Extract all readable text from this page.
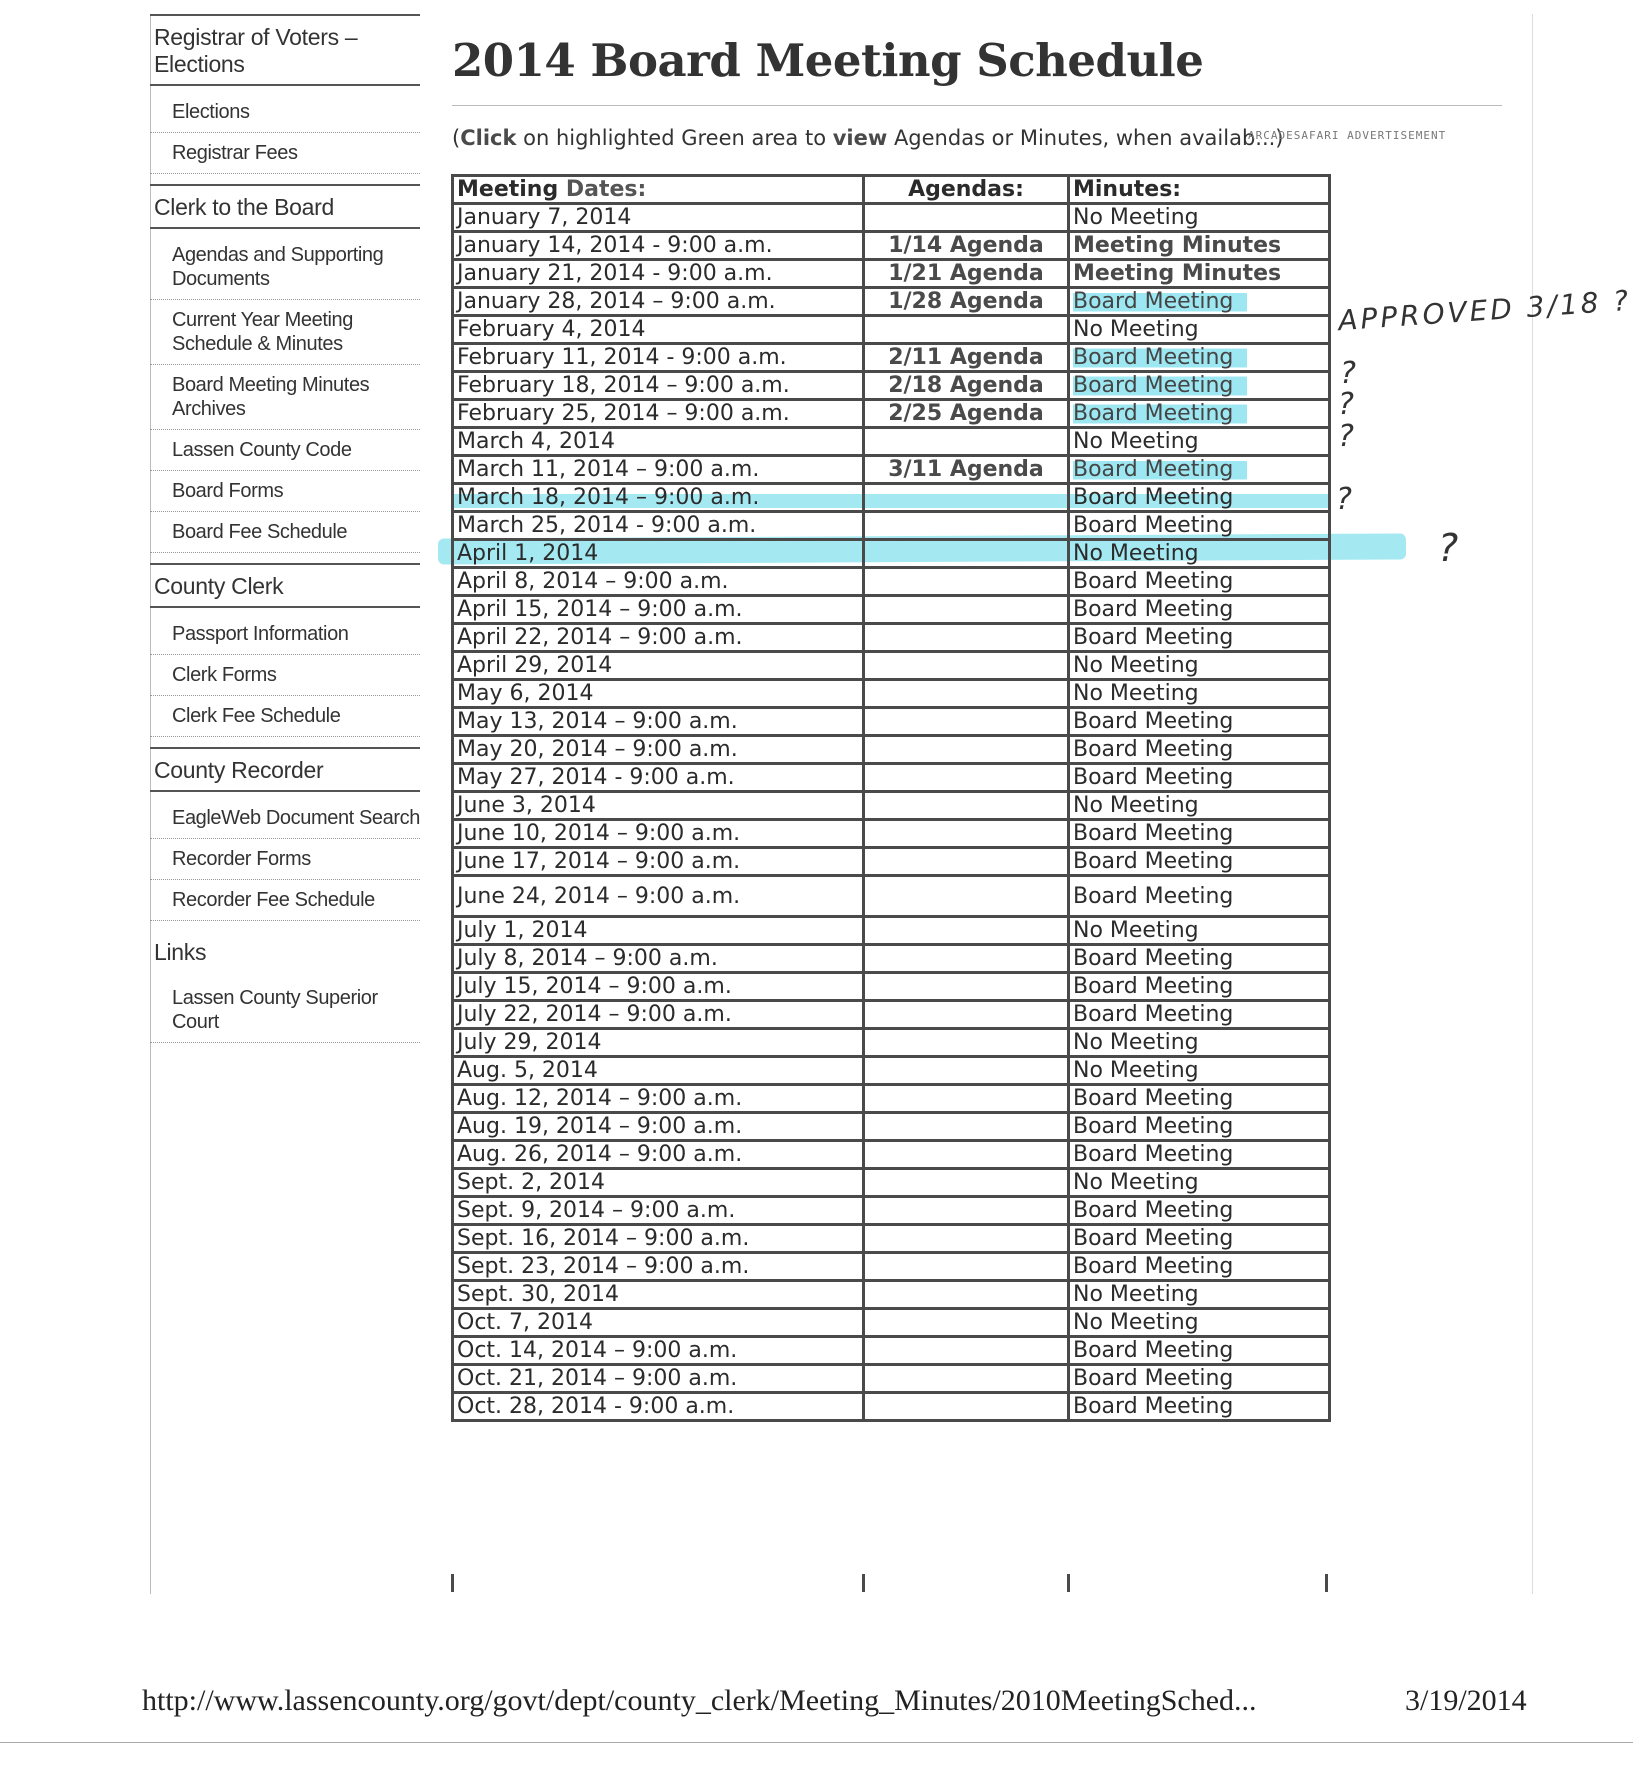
Registrar of Voters – Elections
Elections
Registrar Fees
Clerk to the Board
Agendas and Supporting Documents
Current Year Meeting Schedule & Minutes
Board Meeting Minutes Archives
Lassen County Code
Board Forms
Board Fee Schedule
County Clerk
Passport Information
Clerk Forms
Clerk Fee Schedule
County Recorder
EagleWeb Document Search
Recorder Forms
Recorder Fee Schedule
Links
Lassen County Superior Court
2014 Board Meeting Schedule
(Click on highlighted Green area to view Agendas or Minutes, when availab...)
ARCADESAFARI ADVERTISEMENT
Meeting Dates:	Agendas:	Minutes:
January 7, 2014		No Meeting
January 14, 2014 - 9:00 a.m.	1/14 Agenda	Meeting Minutes
January 21, 2014 - 9:00 a.m.	1/21 Agenda	Meeting Minutes
January 28, 2014 – 9:00 a.m.	1/28 Agenda	Board Meeting
February 4, 2014		No Meeting
February 11, 2014 - 9:00 a.m.	2/11 Agenda	Board Meeting
February 18, 2014 – 9:00 a.m.	2/18 Agenda	Board Meeting
February 25, 2014 – 9:00 a.m.	2/25 Agenda	Board Meeting
March 4, 2014		No Meeting
March 11, 2014 – 9:00 a.m.	3/11 Agenda	Board Meeting
March 18, 2014 – 9:00 a.m.		Board Meeting
March 25, 2014 - 9:00 a.m.		Board Meeting
April 1, 2014		No Meeting
April 8, 2014 – 9:00 a.m.		Board Meeting
April 15, 2014 – 9:00 a.m.		Board Meeting
April 22, 2014 – 9:00 a.m.		Board Meeting
April 29, 2014		No Meeting
May 6, 2014		No Meeting
May 13, 2014 – 9:00 a.m.		Board Meeting
May 20, 2014 – 9:00 a.m.		Board Meeting
May 27, 2014 - 9:00 a.m.		Board Meeting
June 3, 2014		No Meeting
June 10, 2014 – 9:00 a.m.		Board Meeting
June 17, 2014 – 9:00 a.m.		Board Meeting
June 24, 2014 – 9:00 a.m.		Board Meeting
July 1, 2014		No Meeting
July 8, 2014 – 9:00 a.m.		Board Meeting
July 15, 2014 – 9:00 a.m.		Board Meeting
July 22, 2014 – 9:00 a.m.		Board Meeting
July 29, 2014		No Meeting
Aug. 5, 2014		No Meeting
Aug. 12, 2014 – 9:00 a.m.		Board Meeting
Aug. 19, 2014 – 9:00 a.m.		Board Meeting
Aug. 26, 2014 – 9:00 a.m.		Board Meeting
Sept. 2, 2014		No Meeting
Sept. 9, 2014 – 9:00 a.m.		Board Meeting
Sept. 16, 2014 – 9:00 a.m.		Board Meeting
Sept. 23, 2014 – 9:00 a.m.		Board Meeting
Sept. 30, 2014		No Meeting
Oct. 7, 2014		No Meeting
Oct. 14, 2014 – 9:00 a.m.		Board Meeting
Oct. 21, 2014 – 9:00 a.m.		Board Meeting
Oct. 28, 2014 - 9:00 a.m.		Board Meeting
APPROVED 3/18 ?
?
?
?
?
?
http://www.lassencounty.org/govt/dept/county_clerk/Meeting_Minutes/2010MeetingSched...	3/19/2014
